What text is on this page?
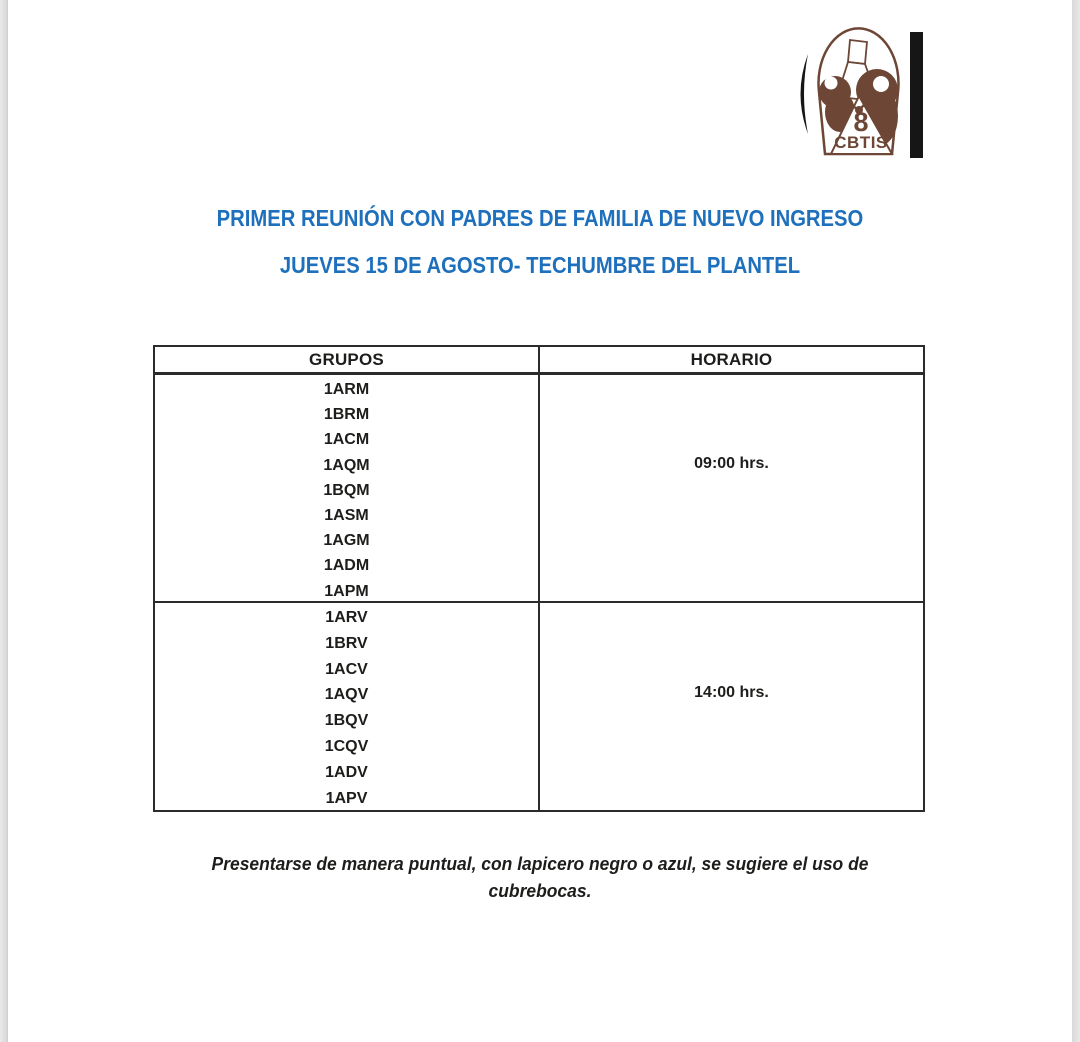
8
CBTIS
PRIMER REUNIÓN CON PADRES DE FAMILIA DE NUEVO INGRESO
JUEVES 15 DE AGOSTO- TECHUMBRE DEL PLANTEL
GRUPOS	HORARIO
1ARM
1BRM
1ACM
1AQM
1BQM
1ASM
1AGM
1ADM
1APM
09:00 hrs.
1ARV
1BRV
1ACV
1AQV
1BQV
1CQV
1ADV
1APV
14:00 hrs.
Presentarse de manera puntual, con lapicero negro o azul, se sugiere el uso de
cubrebocas.
